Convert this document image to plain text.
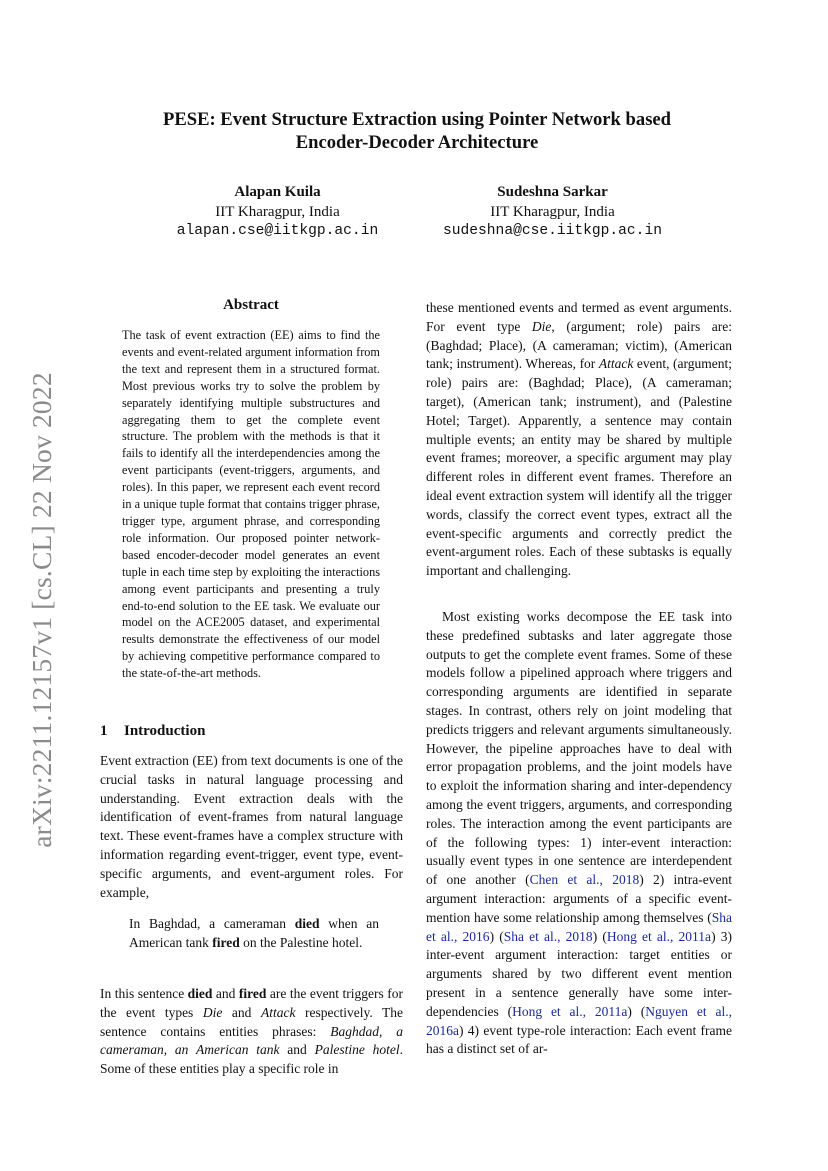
arXiv:2211.12157v1 [cs.CL] 22 Nov 2022
PESE: Event Structure Extraction using Pointer Network based
Encoder-Decoder Architecture
Alapan Kuila
IIT Kharagpur, India
alapan.cse@iitkgp.ac.in
Sudeshna Sarkar
IIT Kharagpur, India
sudeshna@cse.iitkgp.ac.in
Abstract
The task of event extraction (EE) aims to find the events and event-related argument information from the text and represent them in a structured format. Most previous works try to solve the problem by separately identifying multiple substructures and aggregating them to get the complete event structure. The problem with the methods is that it fails to identify all the interdependencies among the event participants (event-triggers, arguments, and roles). In this paper, we represent each event record in a unique tuple format that contains trigger phrase, trigger type, argument phrase, and corresponding role information. Our proposed pointer network-based encoder-decoder model generates an event tuple in each time step by exploiting the interactions among event participants and presenting a truly end-to-end solution to the EE task. We evaluate our model on the ACE2005 dataset, and experimental results demonstrate the effectiveness of our model by achieving competitive performance compared to the state-of-the-art methods.
1 Introduction
Event extraction (EE) from text documents is one of the crucial tasks in natural language processing and understanding. Event extraction deals with the identification of event-frames from natural language text. These event-frames have a complex structure with information regarding event-trigger, event type, event-specific arguments, and event-argument roles. For example,
In Baghdad, a cameraman died when an American tank fired on the Palestine hotel.
In this sentence died and fired are the event triggers for the event types Die and Attack respectively. The sentence contains entities phrases: Baghdad, a cameraman, an American tank and Palestine hotel. Some of these entities play a specific role in
these mentioned events and termed as event arguments. For event type Die, (argument; role) pairs are: (Baghdad; Place), (A cameraman; victim), (American tank; instrument). Whereas, for Attack event, (argument; role) pairs are: (Baghdad; Place), (A cameraman; target), (American tank; instrument), and (Palestine Hotel; Target). Apparently, a sentence may contain multiple events; an entity may be shared by multiple event frames; moreover, a specific argument may play different roles in different event frames. Therefore an ideal event extraction system will identify all the trigger words, classify the correct event types, extract all the event-specific arguments and correctly predict the event-argument roles. Each of these subtasks is equally important and challenging.
Most existing works decompose the EE task into these predefined subtasks and later aggregate those outputs to get the complete event frames. Some of these models follow a pipelined approach where triggers and corresponding arguments are identified in separate stages. In contrast, others rely on joint modeling that predicts triggers and relevant arguments simultaneously. However, the pipeline approaches have to deal with error propagation problems, and the joint models have to exploit the information sharing and inter-dependency among the event triggers, arguments, and corresponding roles. The interaction among the event participants are of the following types: 1) inter-event interaction: usually event types in one sentence are interdependent of one another (Chen et al., 2018) 2) intra-event argument interaction: arguments of a specific event-mention have some relationship among themselves (Sha et al., 2016) (Sha et al., 2018) (Hong et al., 2011a) 3) inter-event argument interaction: target entities or arguments shared by two different event mention present in a sentence generally have some inter-dependencies (Hong et al., 2011a) (Nguyen et al., 2016a) 4) event type-role interaction: Each event frame has a distinct set of ar-
